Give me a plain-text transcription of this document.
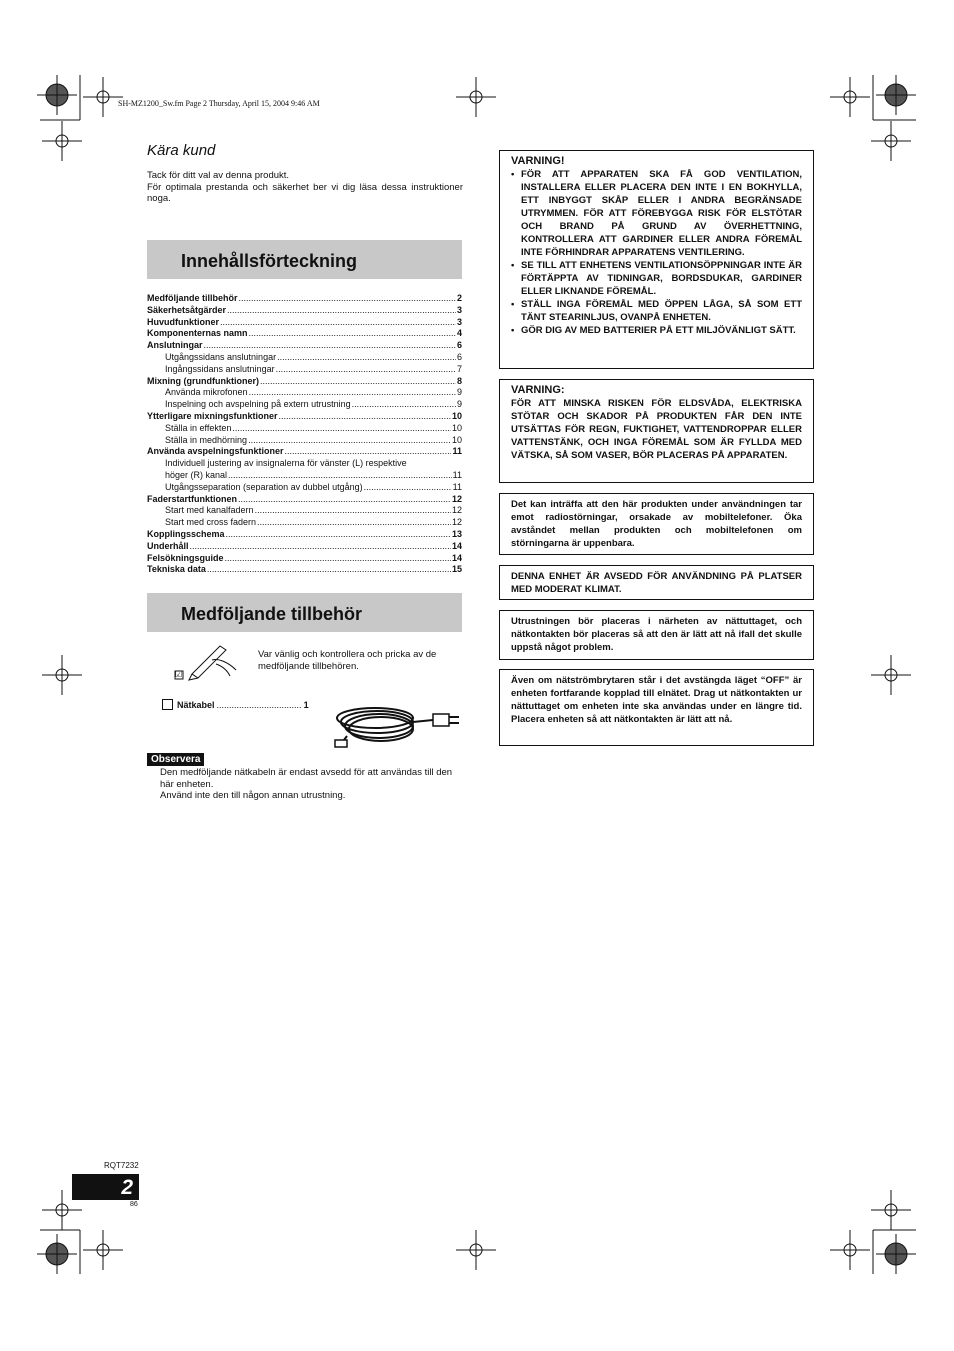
SH-MZ1200_Sw.fm Page 2 Thursday, April 15, 2004 9:46 AM
Kära kund
Tack för ditt val av denna produkt.
För optimala prestanda och säkerhet ber vi dig läsa dessa instruktioner noga.
Innehållsförteckning
Medföljande tillbehör .....	2
Säkerhetsåtgärder .....	3
Huvudfunktioner .....	3
Komponenternas namn .....	4
Anslutningar .....	6
Utgångssidans anslutningar .....	6
Ingångssidans anslutningar .....	7
Mixning (grundfunktioner) .....	8
Använda mikrofonen .....	9
Inspelning och avspelning på extern utrustning .....	9
Ytterligare mixningsfunktioner .....	10
Ställa in effekten .....	10
Ställa in medhörning .....	10
Använda avspelningsfunktioner .....	11
Individuell justering av insignalerna för vänster (L) respektive
höger (R) kanal .....	11
Utgångsseparation (separation av dubbel utgång) .....	11
Faderstartfunktionen .....	12
Start med kanalfadern .....	12
Start med cross fadern .....	12
Kopplingsschema .....	13
Underhåll .....	14
Felsökningsguide .....	14
Tekniska data .....	15
Medföljande tillbehör
☑
Var vänlig och kontrollera och pricka av de medföljande tillbehören.
Nätkabel .................................. 1
Observera
Den medföljande nätkabeln är endast avsedd för att användas till den här enheten.
Använd inte den till någon annan utrustning.
VARNING!
• FÖR ATT APPARATEN SKA FÅ GOD VENTILATION, INSTALLERA ELLER PLACERA DEN INTE I EN BOKHYLLA, ETT INBYGGT SKÅP ELLER I ANDRA BEGRÄNSADE UTRYMMEN. FÖR ATT FÖREBYGGA RISK FÖR ELSTÖTAR OCH BRAND PÅ GRUND AV ÖVERHETTNING, KONTROLLERA ATT GARDINER ELLER ANDRA FÖREMÅL INTE FÖRHINDRAR APPARATENS VENTILERING.
• SE TILL ATT ENHETENS VENTILATIONSÖPPNINGAR INTE ÄR FÖRTÄPPTA AV TIDNINGAR, BORDSDUKAR, GARDINER ELLER LIKNANDE FÖREMÅL.
• STÄLL INGA FÖREMÅL MED ÖPPEN LÅGA, SÅ SOM ETT TÄNT STEARINLJUS, OVANPÅ ENHETEN.
• GÖR DIG AV MED BATTERIER PÅ ETT MILJÖVÄNLIGT SÄTT.
VARNING:
FÖR ATT MINSKA RISKEN FÖR ELDSVÅDA, ELEKTRISKA STÖTAR OCH SKADOR PÅ PRODUKTEN FÅR DEN INTE UTSÄTTAS FÖR REGN, FUKTIGHET, VATTENDROPPAR ELLER VATTENSTÄNK, OCH INGA FÖREMÅL SOM ÄR FYLLDA MED VÄTSKA, SÅ SOM VASER, BÖR PLACERAS PÅ APPARATEN.
Det kan inträffa att den här produkten under användningen tar emot radiostörningar, orsakade av mobiltelefoner. Öka avståndet mellan produkten och mobiltelefonen om störningarna är uppenbara.
DENNA ENHET ÄR AVSEDD FÖR ANVÄNDNING PÅ PLATSER MED MODERAT KLIMAT.
Utrustningen bör placeras i närheten av nättuttaget, och nätkontakten bör placeras så att den är lätt att nå ifall det skulle uppstå något problem.
Även om nätströmbrytaren står i det avstängda läget “OFF” är enheten fortfarande kopplad till elnätet. Drag ut nätkontakten ur nättuttaget om enheten inte ska användas under en längre tid. Placera enheten så att nätkontakten är lätt att nå.
RQT7232
2
86
